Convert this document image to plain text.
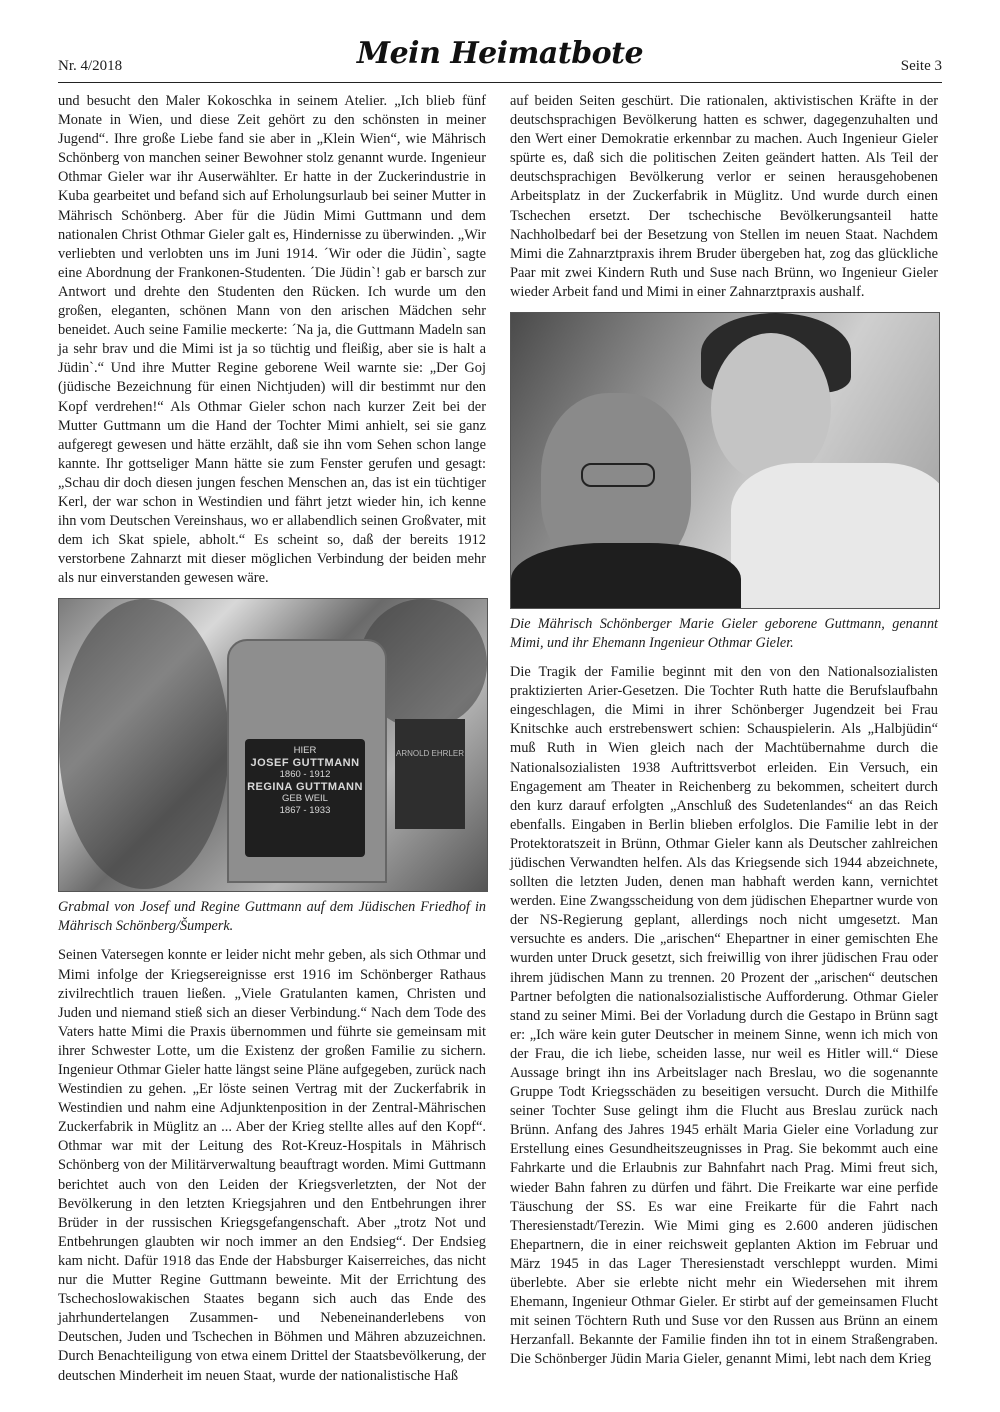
Nr. 4/2018	Mein Heimatbote	Seite 3

und besucht den Maler Kokoschka in seinem Atelier. „Ich blieb fünf Monate in Wien, und diese Zeit gehört zu den schönsten in meiner Jugend“. Ihre große Liebe fand sie aber in „Klein Wien“, wie Mährisch Schönberg von manchen seiner Bewohner stolz genannt wurde. Ingenieur Othmar Gieler war ihr Auserwählter. Er hatte in der Zuckerindustrie in Kuba gearbeitet und befand sich auf Erholungsurlaub bei seiner Mutter in Mährisch Schönberg. Aber für die Jüdin Mimi Guttmann und dem nationalen Christ Othmar Gieler galt es, Hindernisse zu überwinden. „Wir verliebten und verlobten uns im Juni 1914. ´Wir oder die Jüdin`, sagte eine Abordnung der Frankonen-Studenten. ´Die Jüdin`! gab er barsch zur Antwort und drehte den Studenten den Rücken. Ich wurde um den großen, eleganten, schönen Mann von den arischen Mädchen sehr beneidet. Auch seine Familie meckerte: ´Na ja, die Guttmann Madeln san ja sehr brav und die Mimi ist ja so tüchtig und fleißig, aber sie is halt a Jüdin`.“ Und ihre Mutter Regine geborene Weil warnte sie: „Der Goj (jüdische Bezeichnung für einen Nichtjuden) will dir bestimmt nur den Kopf verdrehen!“ Als Othmar Gieler schon nach kurzer Zeit bei der Mutter Guttmann um die Hand der Tochter Mimi anhielt, sei sie ganz aufgeregt gewesen und hätte erzählt, daß sie ihn vom Sehen schon lange kannte. Ihr gottseliger Mann hätte sie zum Fenster gerufen und gesagt: „Schau dir doch diesen jungen feschen Menschen an, das ist ein tüchtiger Kerl, der war schon in Westindien und fährt jetzt wieder hin, ich kenne ihn vom Deutschen Vereinshaus, wo er allabendlich seinen Großvater, mit dem ich Skat spiele, abholt.“ Es scheint so, daß der bereits 1912 verstorbene Zahnarzt mit dieser möglichen Verbindung der beiden mehr als nur einverstanden gewesen wäre.

HIER
JOSEF GUTTMANN
1860 - 1912
REGINA GUTTMANN
GEB WEIL
1867 - 1933
ARNOLD EHRLER
Grabmal von Josef und Regine Guttmann auf dem Jüdischen Friedhof in Mährisch Schönberg/Šumperk.

Seinen Vatersegen konnte er leider nicht mehr geben, als sich Othmar und Mimi infolge der Kriegsereignisse erst 1916 im Schönberger Rathaus zivilrechtlich trauen ließen. „Viele Gratulanten kamen, Christen und Juden und niemand stieß sich an dieser Verbindung.“ Nach dem Tode des Vaters hatte Mimi die Praxis übernommen und führte sie gemeinsam mit ihrer Schwester Lotte, um die Existenz der großen Familie zu sichern. Ingenieur Othmar Gieler hatte längst seine Pläne aufgegeben, zurück nach Westindien zu gehen. „Er löste seinen Vertrag mit der Zuckerfabrik in Westindien und nahm eine Adjunktenposition in der Zentral-Mährischen Zuckerfabrik in Müglitz an ... Aber der Krieg stellte alles auf den Kopf“. Othmar war mit der Leitung des Rot-Kreuz-Hospitals in Mährisch Schönberg von der Militärverwaltung beauftragt worden. Mimi Guttmann berichtet auch von den Leiden der Kriegsverletzten, der Not der Bevölkerung in den letzten Kriegsjahren und den Entbehrungen ihrer Brüder in der russischen Kriegsgefangenschaft. Aber „trotz Not und Entbehrungen glaubten wir noch immer an den Endsieg“. Der Endsieg kam nicht. Dafür 1918 das Ende der Habsburger Kaiserreiches, das nicht nur die Mutter Regine Guttmann beweinte. Mit der Errichtung des Tschechoslowakischen Staates begann sich auch das Ende des jahrhundertelangen Zusammen- und Nebeneinanderlebens von Deutschen, Juden und Tschechen in Böhmen und Mähren abzuzeichnen. Durch Benachteiligung von etwa einem Drittel der Staatsbevölkerung, der deutschen Minderheit im neuen Staat, wurde der nationalistische Haß

auf beiden Seiten geschürt. Die rationalen, aktivistischen Kräfte in der deutschsprachigen Bevölkerung hatten es schwer, dagegenzuhalten und den Wert einer Demokratie erkennbar zu machen. Auch Ingenieur Gieler spürte es, daß sich die politischen Zeiten geändert hatten. Als Teil der deutschsprachigen Bevölkerung verlor er seinen herausgehobenen Arbeitsplatz in der Zuckerfabrik in Müglitz. Und wurde durch einen Tschechen ersetzt. Der tschechische Bevölkerungsanteil hatte Nachholbedarf bei der Besetzung von Stellen im neuen Staat. Nachdem Mimi die Zahnarztpraxis ihrem Bruder übergeben hat, zog das glückliche Paar mit zwei Kindern Ruth und Suse nach Brünn, wo Ingenieur Gieler wieder Arbeit fand und Mimi in einer Zahnarztpraxis aushalf.

Die Mährisch Schönberger Marie Gieler geborene Guttmann, genannt Mimi, und ihr Ehemann Ingenieur Othmar Gieler.

Die Tragik der Familie beginnt mit den von den Nationalsozialisten praktizierten Arier-Gesetzen. Die Tochter Ruth hatte die Berufslaufbahn eingeschlagen, die Mimi in ihrer Schönberger Jugendzeit bei Frau Knitschke auch erstrebenswert schien: Schauspielerin. Als „Halbjüdin“ muß Ruth in Wien gleich nach der Machtübernahme durch die Nationalsozialisten 1938 Auftrittsverbot erleiden. Ein Versuch, ein Engagement am Theater in Reichenberg zu bekommen, scheitert durch den kurz darauf erfolgten „Anschluß des Sudetenlandes“ an das Reich ebenfalls. Eingaben in Berlin blieben erfolglos. Die Familie lebt in der Protektoratszeit in Brünn, Othmar Gieler kann als Deutscher zahlreichen jüdischen Verwandten helfen. Als das Kriegsende sich 1944 abzeichnete, sollten die letzten Juden, denen man habhaft werden kann, vernichtet werden. Eine Zwangsscheidung von dem jüdischen Ehepartner wurde von der NS-Regierung geplant, allerdings noch nicht umgesetzt. Man versuchte es anders. Die „arischen“ Ehepartner in einer gemischten Ehe wurden unter Druck gesetzt, sich freiwillig von ihrer jüdischen Frau oder ihrem jüdischen Mann zu trennen. 20 Prozent der „arischen“ deutschen Partner befolgten die nationalsozialistische Aufforderung. Othmar Gieler stand zu seiner Mimi. Bei der Vorladung durch die Gestapo in Brünn sagt er: „Ich wäre kein guter Deutscher in meinem Sinne, wenn ich mich von der Frau, die ich liebe, scheiden lasse, nur weil es Hitler will.“ Diese Aussage bringt ihn ins Arbeitslager nach Breslau, wo die sogenannte Gruppe Todt Kriegsschäden zu beseitigen versucht. Durch die Mithilfe seiner Tochter Suse gelingt ihm die Flucht aus Breslau zurück nach Brünn. Anfang des Jahres 1945 erhält Maria Gieler eine Vorladung zur Erstellung eines Gesundheitszeugnisses in Prag. Sie bekommt auch eine Fahrkarte und die Erlaubnis zur Bahnfahrt nach Prag. Mimi freut sich, wieder Bahn fahren zu dürfen und fährt. Die Freikarte war eine perfide Täuschung der SS. Es war eine Freikarte für die Fahrt nach Theresienstadt/Terezin. Wie Mimi ging es 2.600 anderen jüdischen Ehepartnern, die in einer reichsweit geplanten Aktion im Februar und März 1945 in das Lager Theresienstadt verschleppt wurden. Mimi überlebte. Aber sie erlebte nicht mehr ein Wiedersehen mit ihrem Ehemann, Ingenieur Othmar Gieler. Er stirbt auf der gemeinsamen Flucht mit seinen Töchtern Ruth und Suse vor den Russen aus Brünn an einem Herzanfall. Bekannte der Familie finden ihn tot in einem Straßengraben. Die Schönberger Jüdin Maria Gieler, genannt Mimi, lebt nach dem Krieg
